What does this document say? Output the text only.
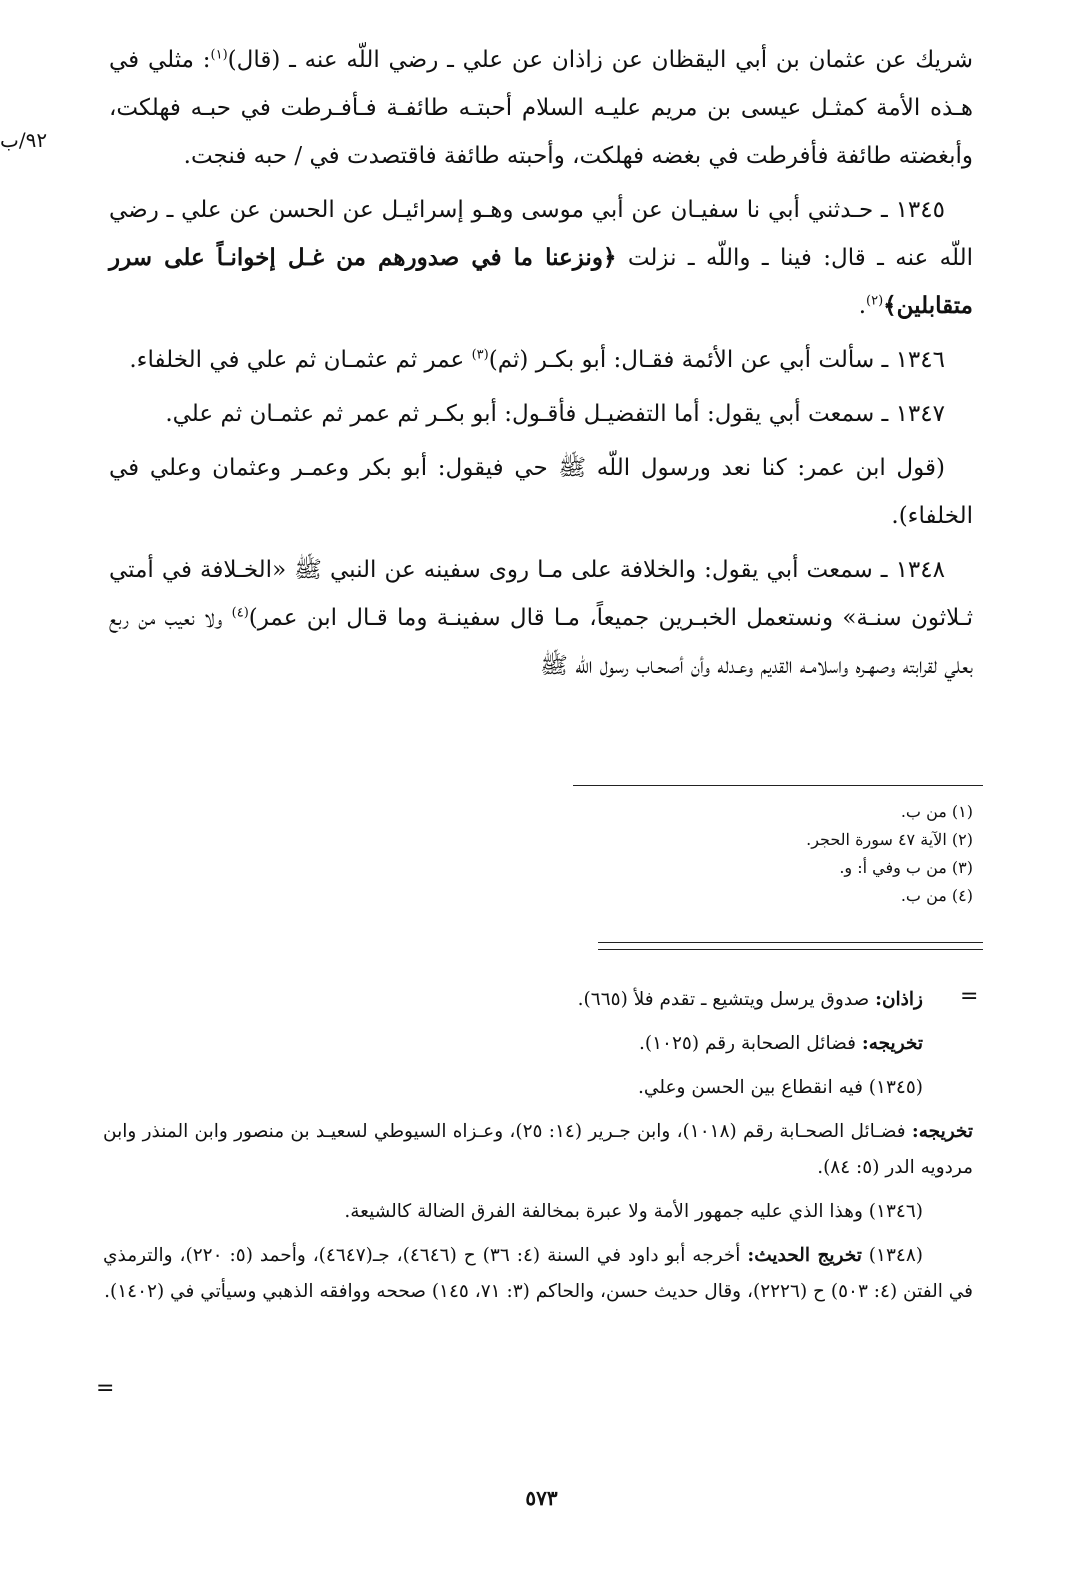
شريك عن عثمان بن أبي اليقظان عن زاذان عن علي ـ رضي اللّه عنه ـ (قال)$^{(١)}$: مثلي في هـذه الأمة كمثـل عيسى بن مريم عليـه السلام أحبتـه طائفـة فـأفـرطت في حبـه فهلكت، وأبغضته طائفة فأفرطت في بغضه فهلكت، وأحبته طائفة فاقتصدت في / حبه فنجت.

١٣٤٥ ـ حـدثني أبي نا سفيـان عن أبي موسى وهـو إسرائيـل عن الحسن عن علي ـ رضي اللّه عنه ـ قال: فينا ـ واللّه ـ نزلت ﴿ونزعنا ما في صدورهم من غـل إخوانـاً على سرر متقابلين﴾$^{(٢)}$.

١٣٤٦ ـ سألت أبي عن الأئمة فقـال: أبو بكـر (ثم)$^{(٣)}$ عمر ثم عثمـان ثم علي في الخلفاء.

١٣٤٧ ـ سمعت أبي يقول: أما التفضيـل فأقـول: أبو بكـر ثم عمر ثم عثمـان ثم علي.

(قول ابن عمر: كنا نعد ورسول اللّه ﷺ حي فيقول: أبو بكر وعمـر وعثمان وعلي في الخلفاء).

١٣٤٨ ـ سمعت أبي يقول: والخلافة على مـا روى سفينه عن النبي ﷺ «الخـلافة في أمتي ثـلاثون سنـة» ونستعمل الخبـرين جميعاً، مـا قال سفينـة وما قـال ابن عمر)$^{(٤)}$ ولا نعيب من ربع بعلي لقرابته وصهـره واسلامـه القديم وعـدله وأن أصحـاب رسول اللّه ﷺ

٩٢/ب
(١) من ب.
(٢) الآية ٤٧ سورة الحجر.
(٣) من ب وفي أ: و.
(٤) من ب.
=

زاذان: صدوق يرسل ويتشيع ـ تقدم فلأ (٦٦٥).

تخريجه: فضائل الصحابة رقم (١٠٢٥).

(١٣٤٥) فيه انقطاع بين الحسن وعلي.

تخريجه: فضـائل الصحـابة رقم (١٠١٨)، وابن جـرير (١٤: ٢٥)، وعـزاه السيوطي لسعيـد بن منصور وابن المنذر وابن مردويه الدر (٥: ٨٤).

(١٣٤٦) وهذا الذي عليه جمهور الأمة ولا عبرة بمخالفة الفرق الضالة كالشيعة.

(١٣٤٨) تخريج الحديث: أخرجه أبو داود في السنة (٤: ٣٦) ح (٤٦٤٦)، جـ(٤٦٤٧)، وأحمد (٥: ٢٢٠)، والترمذي في الفتن (٤: ٥٠٣) ح (٢٢٢٦)، وقال حديث حسن، والحاكم (٣: ٧١، ١٤٥) صححه ووافقه الذهبي وسيأتي في (١٤٠٢).

=
٥٧٣
